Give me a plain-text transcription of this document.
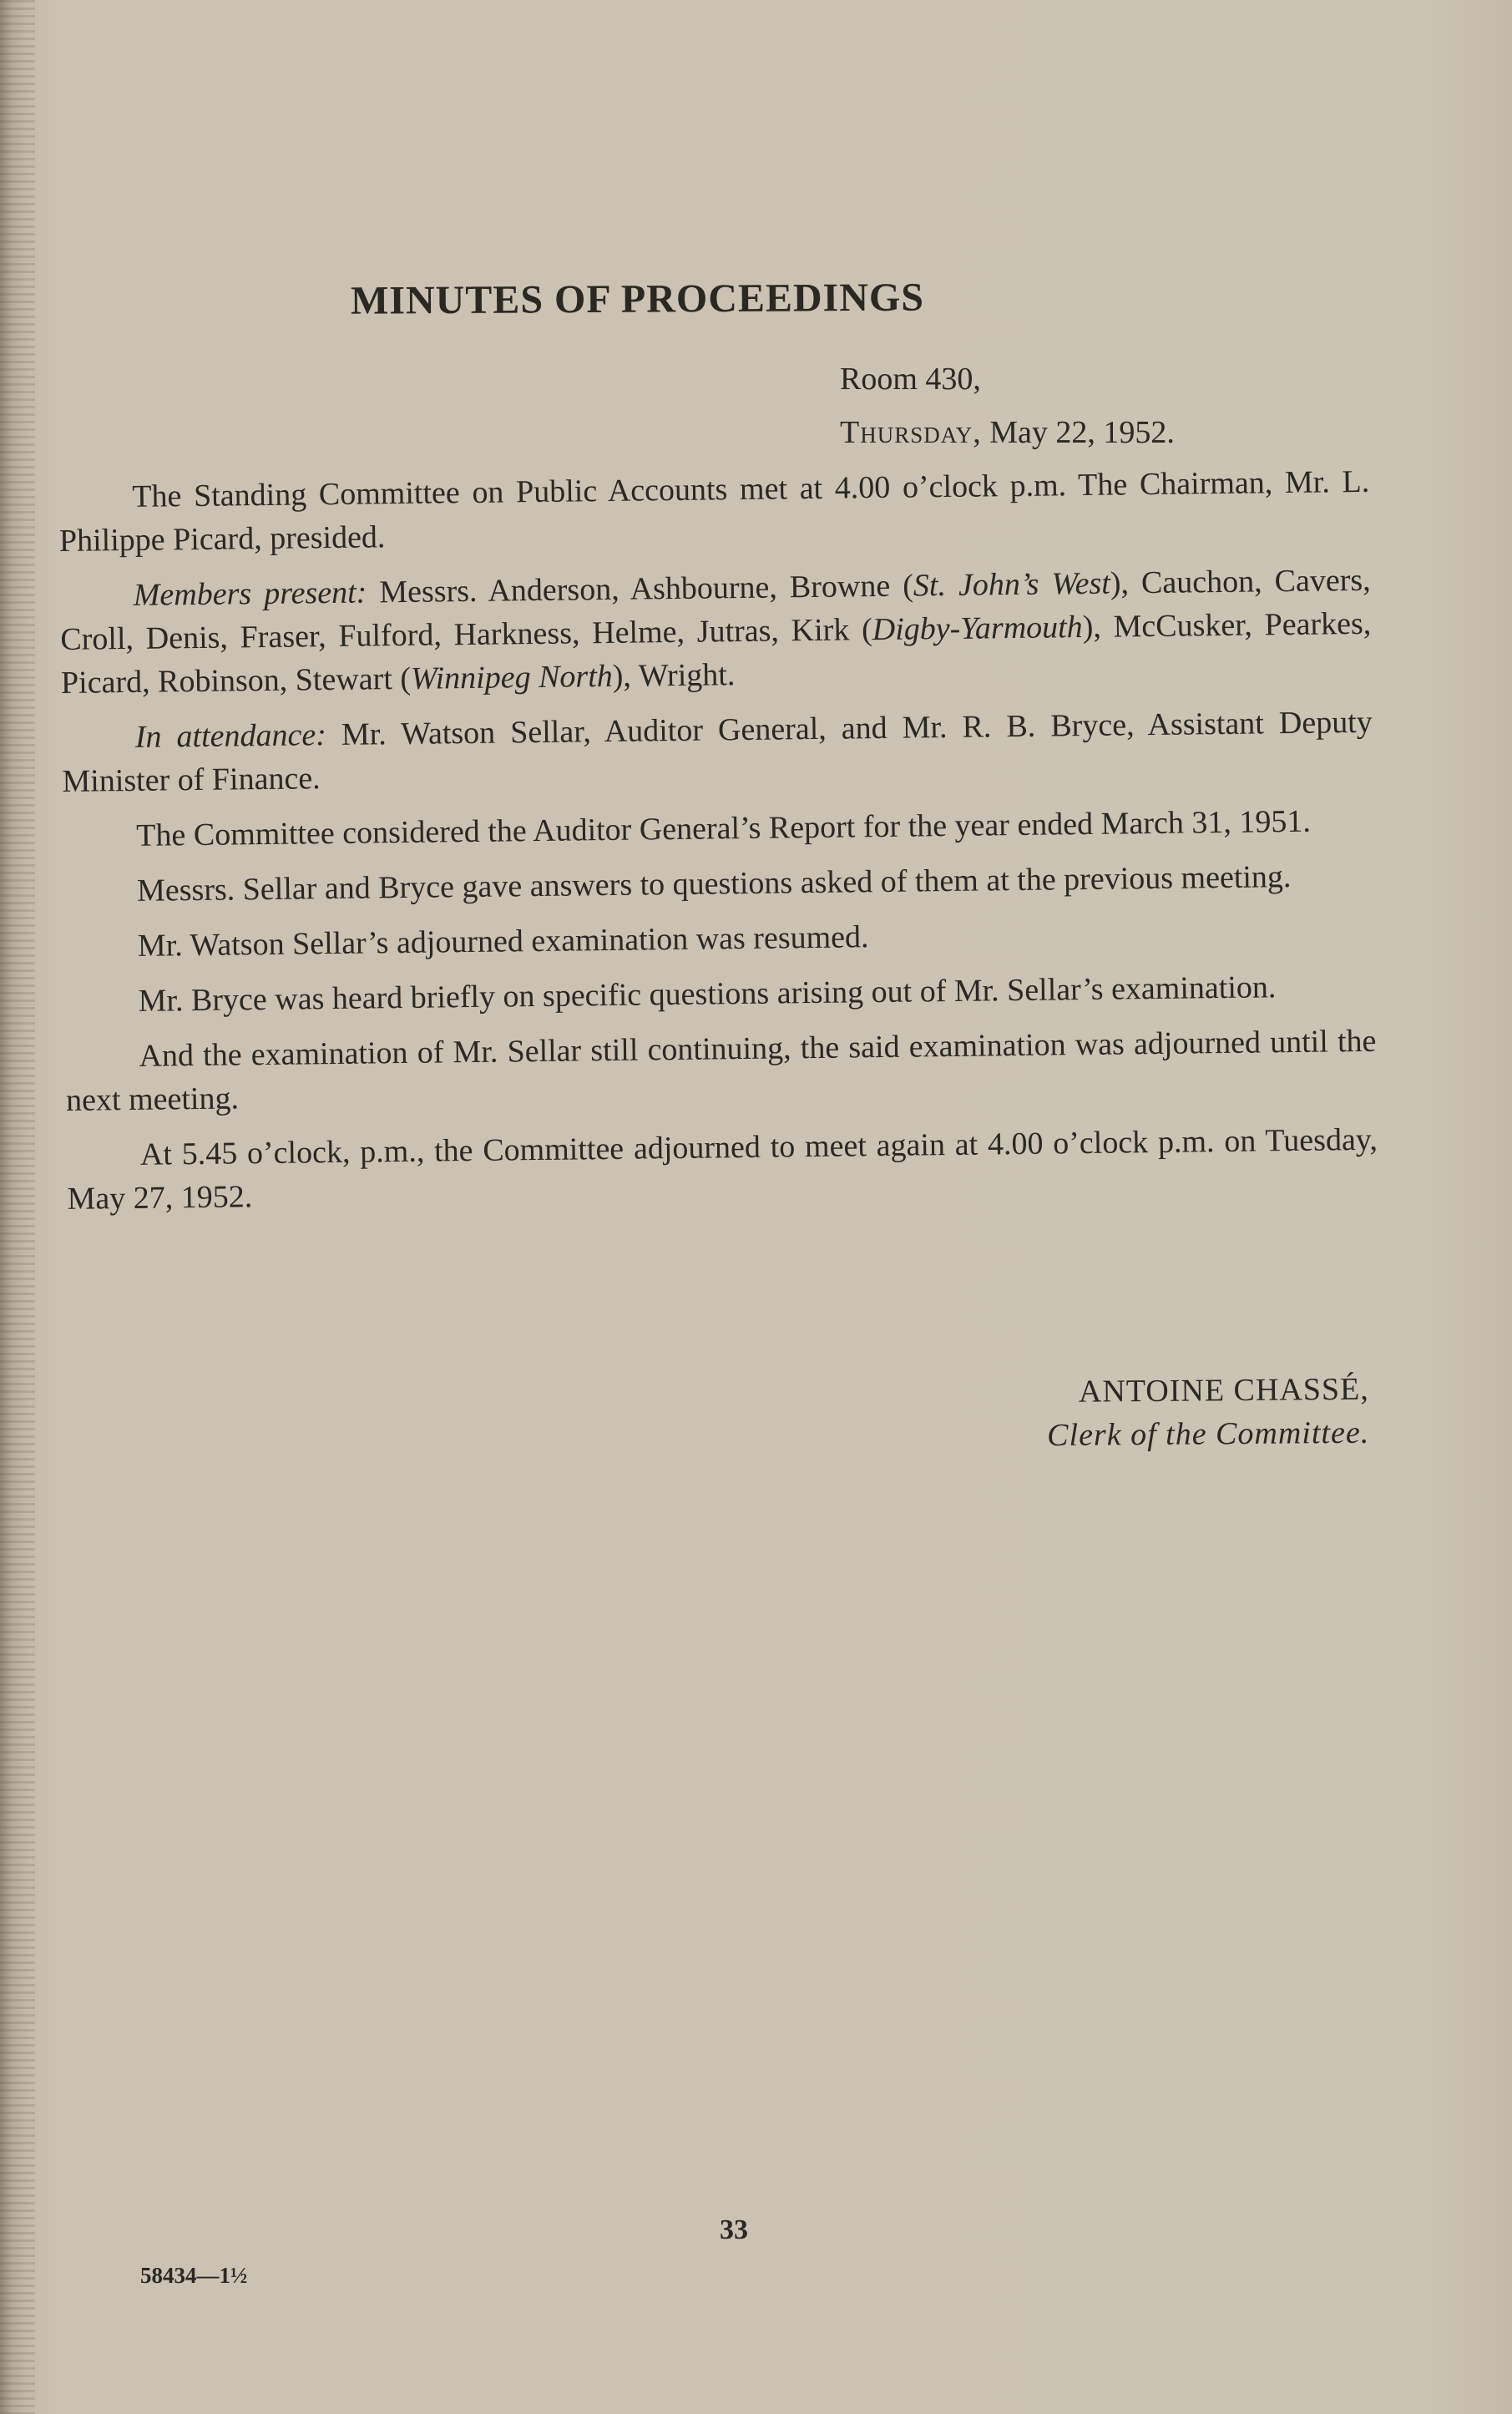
MINUTES OF PROCEEDINGS
Room 430,
Thursday, May 22, 1952.

The Standing Committee on Public Accounts met at 4.00 o’clock p.m. The Chairman, Mr. L. Philippe Picard, presided.

Members present: Messrs. Anderson, Ashbourne, Browne (St. John’s West), Cauchon, Cavers, Croll, Denis, Fraser, Fulford, Harkness, Helme, Jutras, Kirk (Digby-Yarmouth), McCusker, Pearkes, Picard, Robinson, Stewart (Winnipeg North), Wright.

In attendance: Mr. Watson Sellar, Auditor General, and Mr. R. B. Bryce, Assistant Deputy Minister of Finance.

The Committee considered the Auditor General’s Report for the year ended March 31, 1951.

Messrs. Sellar and Bryce gave answers to questions asked of them at the previous meeting.

Mr. Watson Sellar’s adjourned examination was resumed.

Mr. Bryce was heard briefly on specific questions arising out of Mr. Sellar’s examination.

And the examination of Mr. Sellar still continuing, the said examination was adjourned until the next meeting.

At 5.45 o’clock, p.m., the Committee adjourned to meet again at 4.00 o’clock p.m. on Tuesday, May 27, 1952.

ANTOINE CHASSÉ,
Clerk of the Committee.
33
58434—1½
